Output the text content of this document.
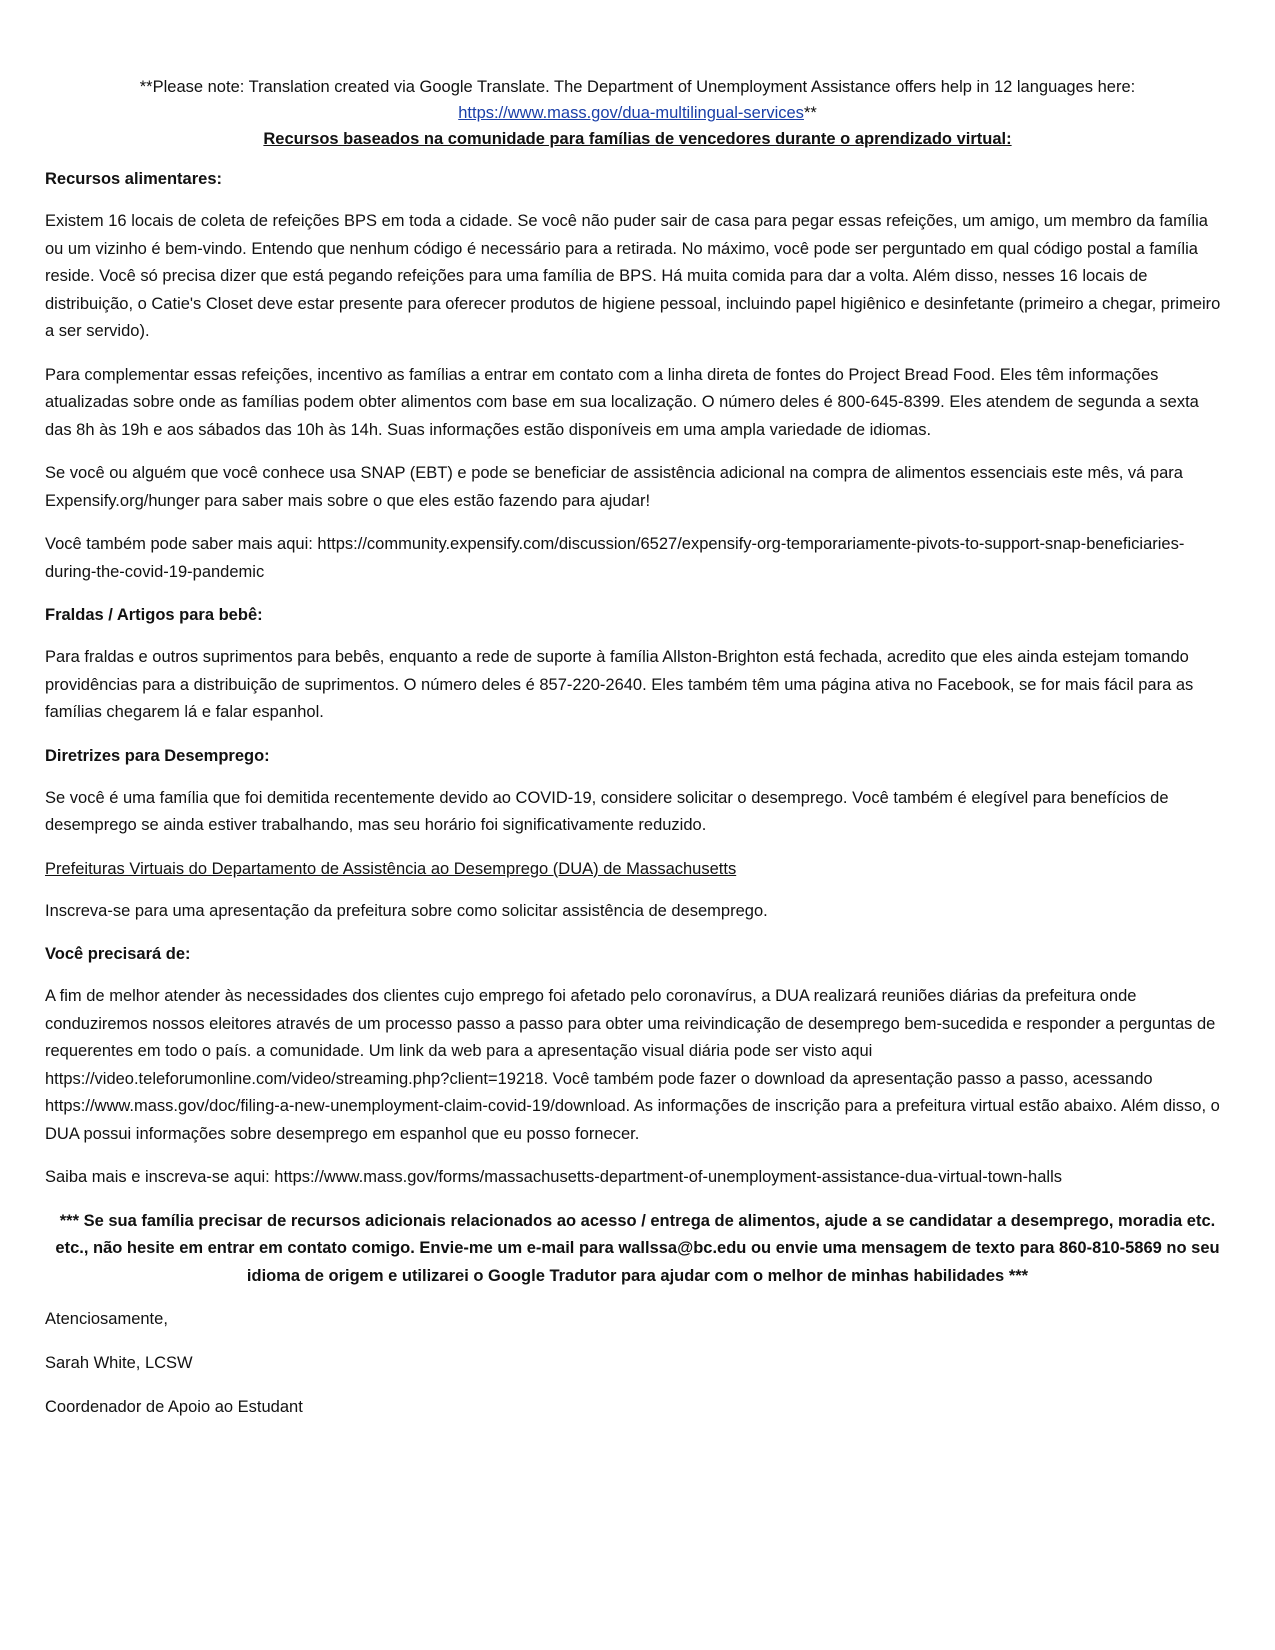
**Please note: Translation created via Google Translate. The Department of Unemployment Assistance offers help in 12 languages here:
https://www.mass.gov/dua-multilingual-services**

Recursos baseados na comunidade para famílias de vencedores durante o aprendizado virtual:

Recursos alimentares:

Existem 16 locais de coleta de refeições BPS em toda a cidade. Se você não puder sair de casa para pegar essas refeições, um amigo, um membro da família ou um vizinho é bem-vindo. Entendo que nenhum código é necessário para a retirada. No máximo, você pode ser perguntado em qual código postal a família reside. Você só precisa dizer que está pegando refeições para uma família de BPS. Há muita comida para dar a volta. Além disso, nesses 16 locais de distribuição, o Catie's Closet deve estar presente para oferecer produtos de higiene pessoal, incluindo papel higiênico e desinfetante (primeiro a chegar, primeiro a ser servido).

Para complementar essas refeições, incentivo as famílias a entrar em contato com a linha direta de fontes do Project Bread Food. Eles têm informações atualizadas sobre onde as famílias podem obter alimentos com base em sua localização. O número deles é 800-645-8399. Eles atendem de segunda a sexta das 8h às 19h e aos sábados das 10h às 14h. Suas informações estão disponíveis em uma ampla variedade de idiomas.

Se você ou alguém que você conhece usa SNAP (EBT) e pode se beneficiar de assistência adicional na compra de alimentos essenciais este mês, vá para Expensify.org/hunger para saber mais sobre o que eles estão fazendo para ajudar!

Você também pode saber mais aqui: https://community.expensify.com/discussion/6527/expensify-org-temporariamente-pivots-to-support-snap-beneficiaries-during-the-covid-19-pandemic

Fraldas / Artigos para bebê:

Para fraldas e outros suprimentos para bebês, enquanto a rede de suporte à família Allston-Brighton está fechada, acredito que eles ainda estejam tomando providências para a distribuição de suprimentos. O número deles é 857-220-2640. Eles também têm uma página ativa no Facebook, se for mais fácil para as famílias chegarem lá e falar espanhol.

Diretrizes para Desemprego:

Se você é uma família que foi demitida recentemente devido ao COVID-19, considere solicitar o desemprego. Você também é elegível para benefícios de desemprego se ainda estiver trabalhando, mas seu horário foi significativamente reduzido.

Prefeituras Virtuais do Departamento de Assistência ao Desemprego (DUA) de Massachusetts

Inscreva-se para uma apresentação da prefeitura sobre como solicitar assistência de desemprego.

Você precisará de:

A fim de melhor atender às necessidades dos clientes cujo emprego foi afetado pelo coronavírus, a DUA realizará reuniões diárias da prefeitura onde conduziremos nossos eleitores através de um processo passo a passo para obter uma reivindicação de desemprego bem-sucedida e responder a perguntas de requerentes em todo o país. a comunidade. Um link da web para a apresentação visual diária pode ser visto aqui https://video.teleforumonline.com/video/streaming.php?client=19218. Você também pode fazer o download da apresentação passo a passo, acessando https://www.mass.gov/doc/filing-a-new-unemployment-claim-covid-19/download. As informações de inscrição para a prefeitura virtual estão abaixo. Além disso, o DUA possui informações sobre desemprego em espanhol que eu posso fornecer.

Saiba mais e inscreva-se aqui: https://www.mass.gov/forms/massachusetts-department-of-unemployment-assistance-dua-virtual-town-halls

*** Se sua família precisar de recursos adicionais relacionados ao acesso / entrega de alimentos, ajude a se candidatar a desemprego, moradia etc. etc., não hesite em entrar em contato comigo. Envie-me um e-mail para wallssa@bc.edu ou envie uma mensagem de texto para 860-810-5869 no seu idioma de origem e utilizarei o Google Tradutor para ajudar com o melhor de minhas habilidades ***

Atenciosamente,

Sarah White, LCSW

Coordenador de Apoio ao Estudant
